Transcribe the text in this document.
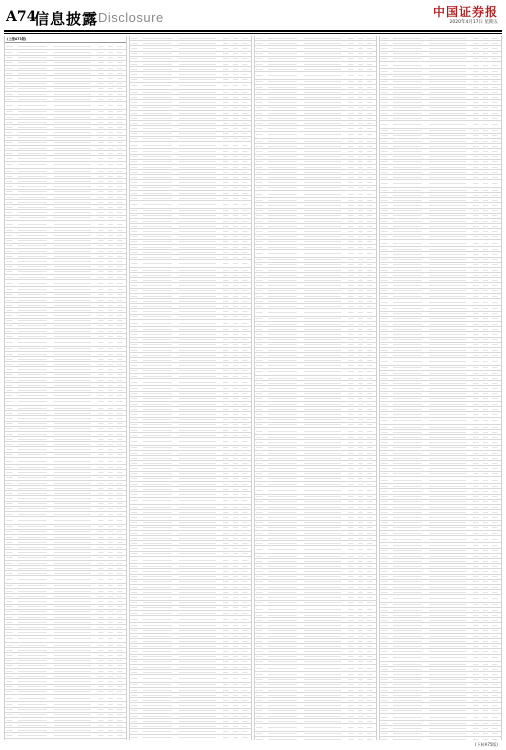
A74
信息披露 Disclosure	中国证券报
2020年4月17日 星期五
(上接A73版)
(下转A75版)
